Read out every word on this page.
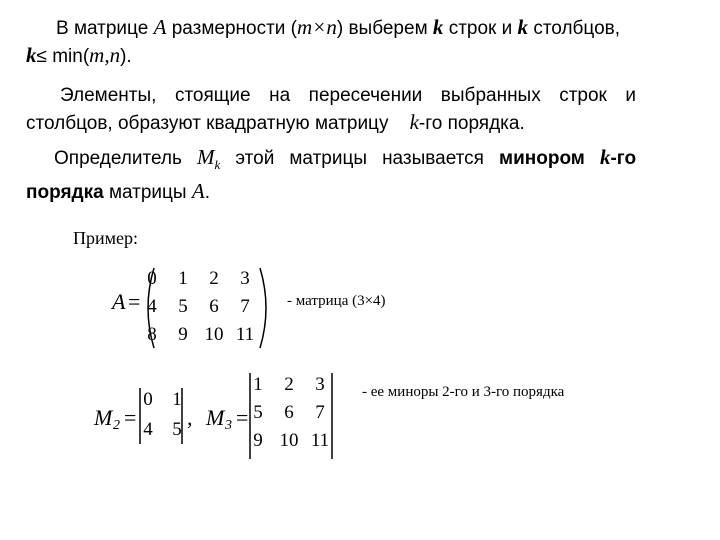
В матрице A размерности (m×n) выберем k строк и k столбцов,
k≤ min(m,n).
Элементы, стоящие на пересечении выбранных строк и столбцов, образуют квадратную матрицу k-го порядка.
Определитель $M_k$ этой матрицы называется минором k-го порядка матрицы A.
Пример:
A =
0	1	2	3
4	5	6	7
8	9 10 11
- матрица (3×4)
M 2 =
0	1
4	5 , M 3 =
1	2	3
5	6	7
9 10 11
- ее миноры 2-го и 3-го порядка
